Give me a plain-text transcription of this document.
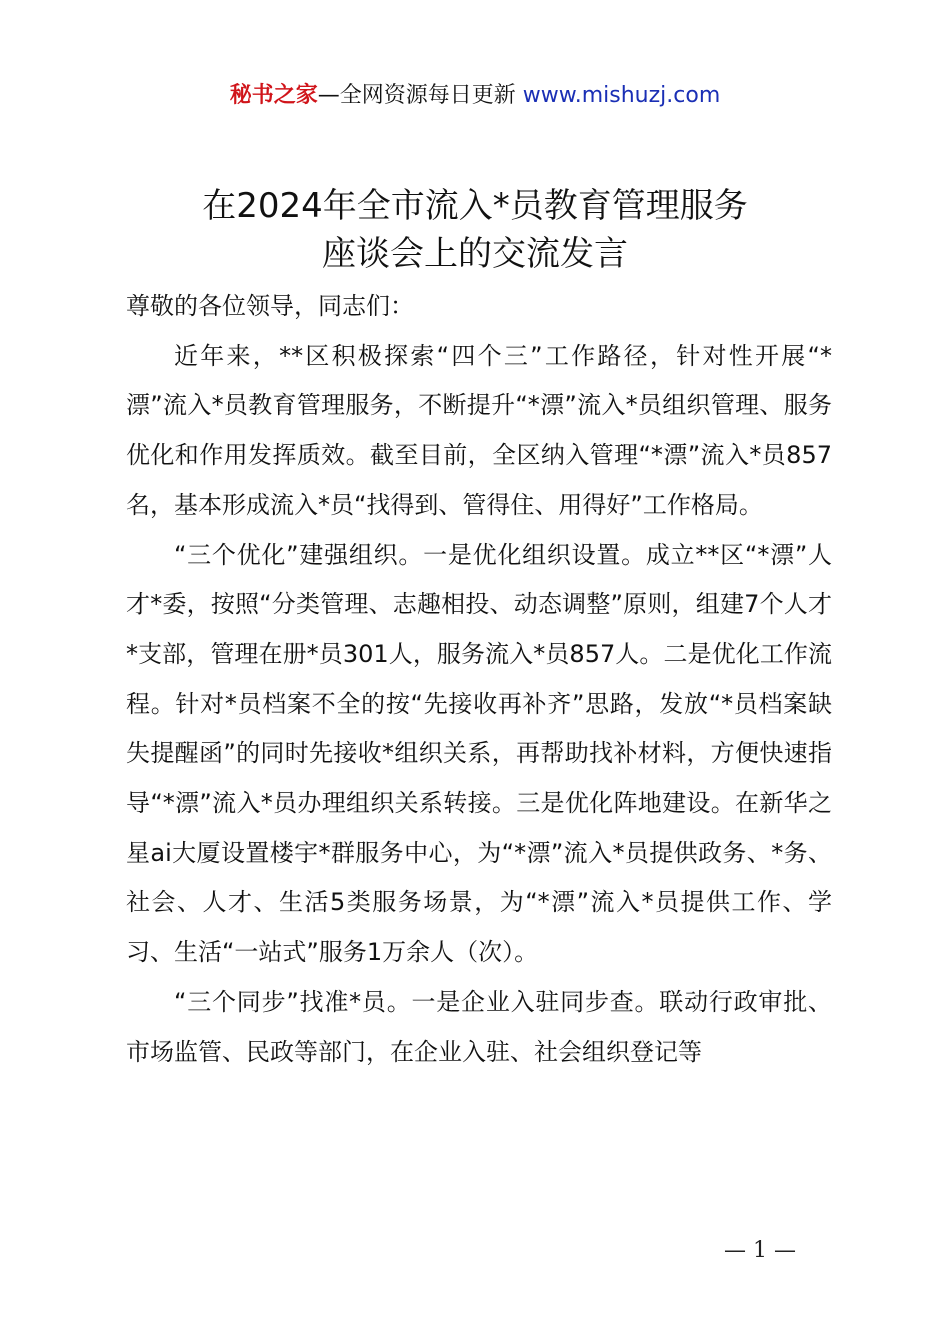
秘书之家—全网资源每日更新 www.mishuzj.com
在2024年全市流入*员教育管理服务
座谈会上的交流发言

尊敬的各位领导，同志们：

近年来，**区积极探索“四个三”工作路径，针对性开展“*漂”流入*员教育管理服务，不断提升“*漂”流入*员组织管理、服务优化和作用发挥质效。截至目前，全区纳入管理“*漂”流入*员857名，基本形成流入*员“找得到、管得住、用得好”工作格局。

“三个优化”建强组织。一是优化组织设置。成立**区“*漂”人才*委，按照“分类管理、志趣相投、动态调整”原则，组建7个人才*支部，管理在册*员301人，服务流入*员857人。二是优化工作流程。针对*员档案不全的按“先接收再补齐”思路，发放“*员档案缺失提醒函”的同时先接收*组织关系，再帮助找补材料，方便快速指导“*漂”流入*员办理组织关系转接。三是优化阵地建设。在新华之星ai大厦设置楼宇*群服务中心，为“*漂”流入*员提供政务、*务、社会、人才、生活5类服务场景，为“*漂”流入*员提供工作、学习、生活“一站式”服务1万余人（次）。

“三个同步”找准*员。一是企业入驻同步查。联动行政审批、市场监管、民政等部门，在企业入驻、社会组织登记等

— 1 —
